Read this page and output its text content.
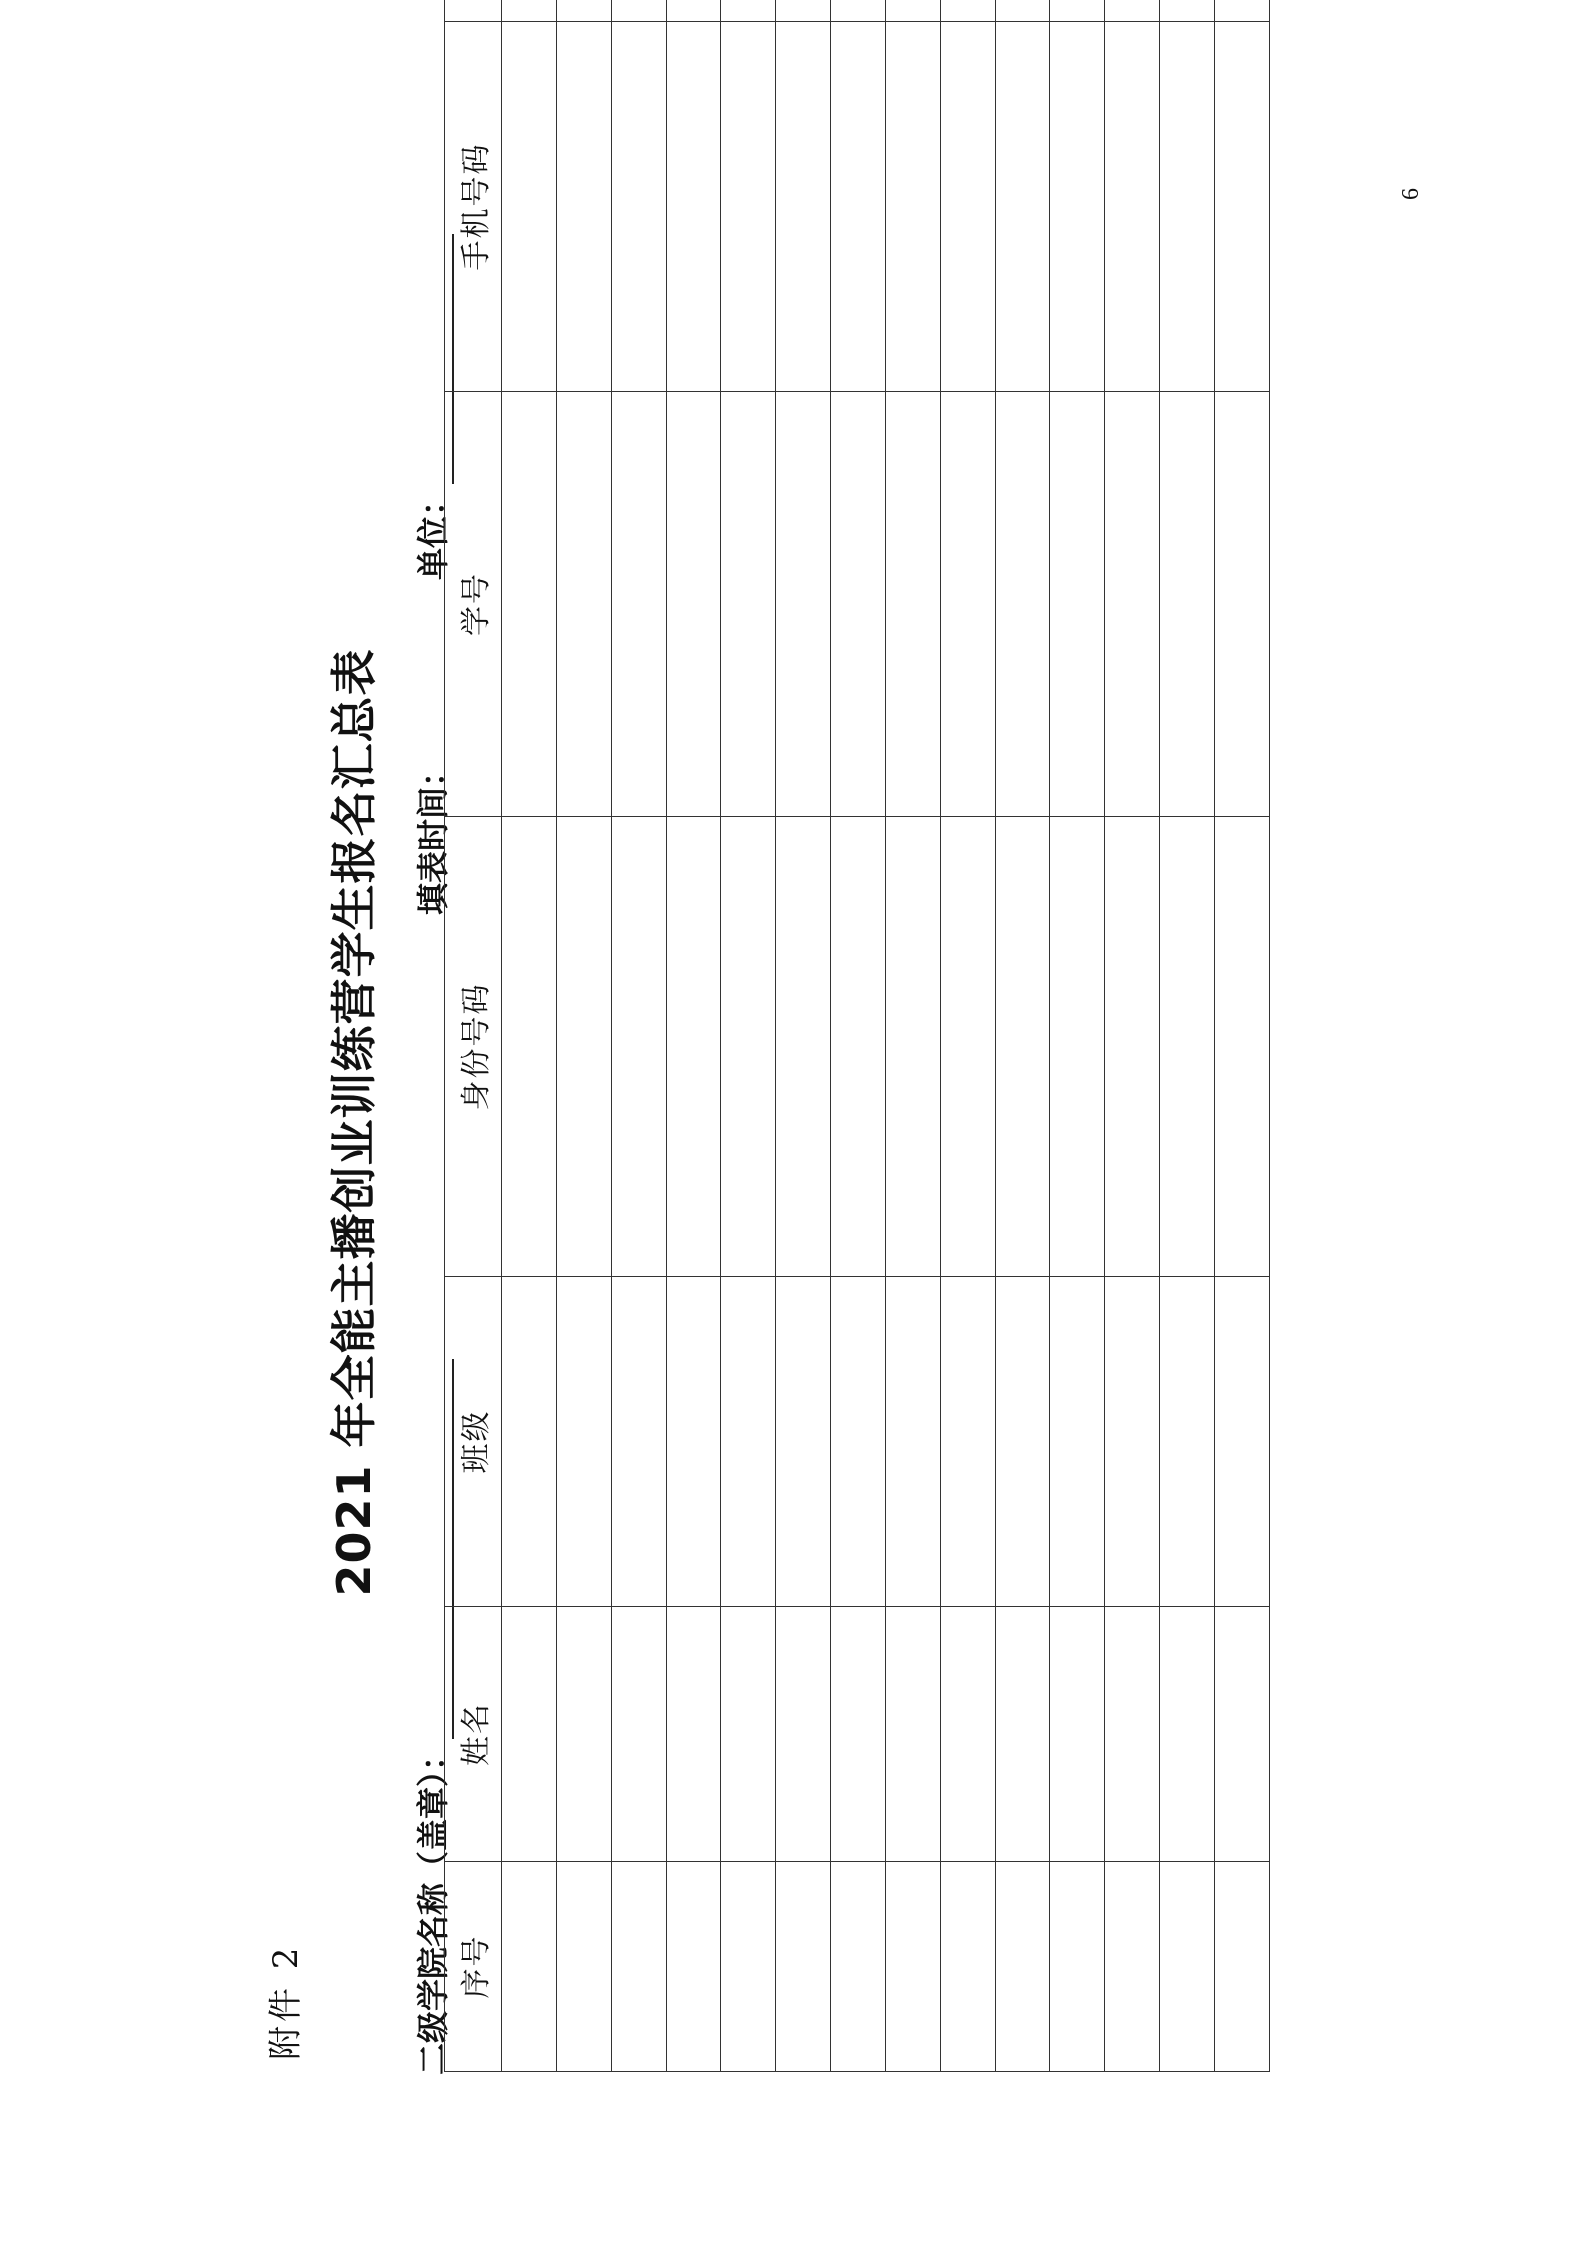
附件 2
2021 年全能主播创业训练营学生报名汇总表
二级学院名称（盖章）：
填表时间：
单位：
序号	姓名	班级	身份号码	学号	手机号码		

								6
